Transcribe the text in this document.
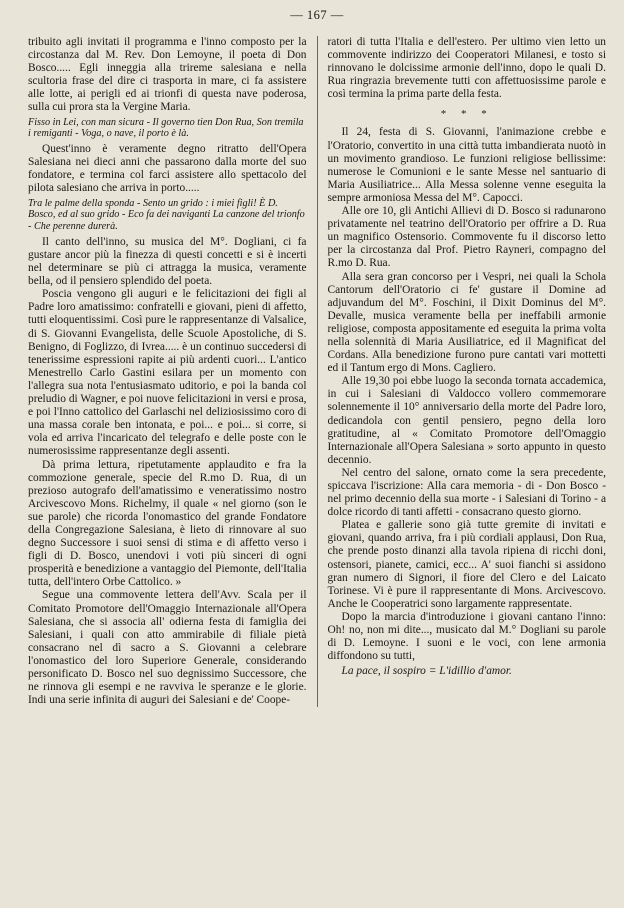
— 167 —

tribuito agli invitati il programma e l'inno composto per la circostanza dal M. Rev. Don Lemoyne, il poeta di Don Bosco..... Egli inneggia alla trireme salesiana e nella scultoria frase del dire ci trasporta in mare, ci fa assistere alle lotte, ai perigli ed ai trionfi di questa nave poderosa, sulla cui prora sta la Vergine Maria.

Fisso in Lei, con man sicura - Il governo tien Don Rua, Son tremila i remiganti - Voga, o nave, il porto è là.

Quest'inno è veramente degno ritratto dell'Opera Salesiana nei dieci anni che passarono dalla morte del suo fondatore, e termina col farci assistere allo spettacolo del pilota salesiano che arriva in porto.....

Tra le palme della sponda - Sento un grido : i miei figli! È D. Bosco, ed al suo grido - Eco fa dei naviganti La canzone del trionfo - Che perenne durerà.

Il canto dell'inno, su musica del M°. Dogliani, ci fa gustare ancor più la finezza di questi concetti e si è incerti nel determinare se più ci attragga la musica, veramente bella, od il pensiero splendido del poeta.

Poscia vengono gli auguri e le felicitazioni dei figli al Padre loro amatissimo: confratelli e giovani, pieni di affetto, tutti eloquentissimi. Così pure le rappresentanze di Valsalice, di S. Giovanni Evangelista, delle Scuole Apostoliche, di S. Benigno, di Foglizzo, di Ivrea..... è un continuo succedersi di tenerissime espressioni rapite ai più ardenti cuori... L'antico Menestrello Carlo Gastini esilara per un momento con l'allegra sua nota l'entusiasmato uditorio, e poi la banda col preludio di Wagner, e poi nuove felicitazioni in versi e prosa, e poi l'Inno cattolico del Garlaschi nel deliziosissimo coro di una massa corale ben intonata, e poi... e poi... si corre, si vola ed arriva l'incaricato del telegrafo e delle poste con le numerosissime rappresentanze degli assenti.

Dà prima lettura, ripetutamente applaudito e fra la commozione generale, specie del R.mo D. Rua, di un prezioso autografo dell'amatissimo e veneratissimo nostro Arcivescovo Mons. Richelmy, il quale « nel giorno (son le sue parole) che ricorda l'onomastico del grande Fondatore della Congregazione Salesiana, è lieto di rinnovare al suo degno Successore i suoi sensi di stima e di affetto verso i figli di D. Bosco, unendovi i voti più sinceri di ogni prosperità e benedizione a vantaggio del Piemonte, dell'Italia tutta, dell'intero Orbe Cattolico. »

Segue una commovente lettera dell'Avv. Scala per il Comitato Promotore dell'Omaggio Internazionale all'Opera Salesiana, che si associa all' odierna festa di famiglia dei Salesiani, i quali con atto ammirabile di filiale pietà consacrano nel dì sacro a S. Giovanni a celebrare l'onomastico del loro Superiore Generale, considerando personificato D. Bosco nel suo degnissimo Successore, che ne rinnova gli esempi e ne ravviva le speranze e le glorie. Indi una serie infinita di auguri dei Salesiani e de' Coope-

ratori di tutta l'Italia e dell'estero. Per ultimo vien letto un commovente indirizzo dei Cooperatori Milanesi, e tosto si rinnovano le dolcissime armonie dell'inno, dopo le quali D. Rua ringrazia brevemente tutti con affettuosissime parole e così termina la prima parte della festa.

* * *

Il 24, festa di S. Giovanni, l'animazione crebbe e l'Oratorio, convertito in una città tutta imbandierata nuotò in un movimento grandioso. Le funzioni religiose bellissime: numerose le Comunioni e le sante Messe nel santuario di Maria Ausiliatrice... Alla Messa solenne venne eseguita la sempre armoniosa Messa del M°. Capocci.

Alle ore 10, gli Antichi Allievi di D. Bosco si radunarono privatamente nel teatrino dell'Oratorio per offrire a D. Rua un magnifico Ostensorio. Commovente fu il discorso letto per la circostanza dal Prof. Pietro Rayneri, compagno del R.mo D. Rua.

Alla sera gran concorso per i Vespri, nei quali la Schola Cantorum dell'Oratorio ci fe' gustare il Domine ad adjuvandum del M°. Foschini, il Dixit Dominus del M°. Devalle, musica veramente bella per ineffabili armonie religiose, composta appositamente ed eseguita la prima volta nella solennità di Maria Ausiliatrice, ed il Magnificat del Cordans. Alla benedizione furono pure cantati vari mottetti ed il Tantum ergo di Mons. Cagliero.

Alle 19,30 poi ebbe luogo la seconda tornata accademica, in cui i Salesiani di Valdocco vollero commemorare solennemente il 10° anniversario della morte del Padre loro, dedicandola con gentil pensiero, pegno della loro gratitudine, al « Comitato Promotore dell'Omaggio Internazionale all'Opera Salesiana » sorto appunto in questo decennio.

Nel centro del salone, ornato come la sera precedente, spiccava l'iscrizione: Alla cara memoria - di - Don Bosco - nel primo decennio della sua morte - i Salesiani di Torino - a dolce ricordo di tanti affetti - consacrano questo giorno.

Platea e gallerie sono già tutte gremite di invitati e giovani, quando arriva, fra i più cordiali applausi, Don Rua, che prende posto dinanzi alla tavola ripiena di ricchi doni, ostensori, pianete, camici, ecc... A' suoi fianchi si assidono gran numero di Signori, il fiore del Clero e del Laicato Torinese. Vi è pure il rappresentante di Mons. Arcivescovo. Anche le Cooperatrici sono largamente rappresentate.

Dopo la marcia d'introduzione i giovani cantano l'inno: Oh! no, non mi dite..., musicato dal M.° Dogliani su parole di D. Lemoyne. I suoni e le voci, con lene armonia diffondono su tutti,

La pace, il sospiro = L'idillio d'amor.
